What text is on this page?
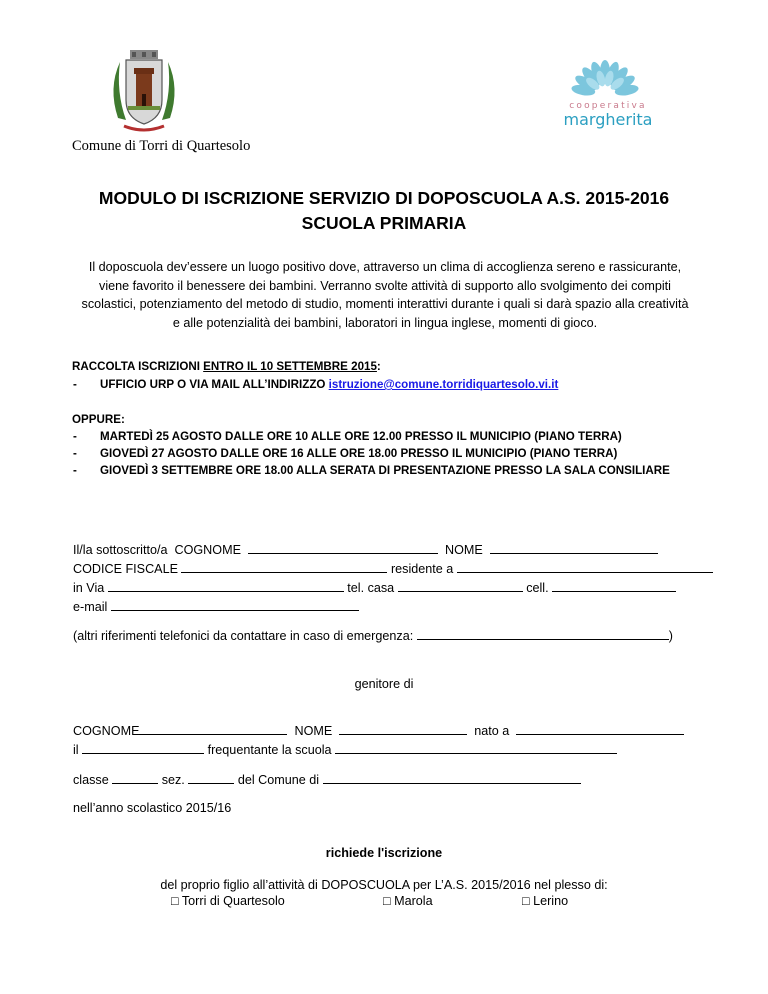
cooperativa
margherita
Comune di Torri di Quartesolo
MODULO DI ISCRIZIONE SERVIZIO DI DOPOSCUOLA A.S. 2015-2016
SCUOLA PRIMARIA
Il doposcuola dev’essere un luogo positivo dove, attraverso un clima di accoglienza sereno e rassicurante, viene favorito il benessere dei bambini. Verranno svolte attività di supporto allo svolgimento dei compiti scolastici, potenziamento del metodo di studio, momenti interattivi durante i quali si darà spazio alla creatività e alle potenzialità dei bambini, laboratori in lingua inglese, momenti di gioco.
RACCOLTA ISCRIZIONI ENTRO IL 10 SETTEMBRE 2015:
- UFFICIO URP O VIA MAIL ALL’INDIRIZZO istruzione@comune.torridiquartesolo.vi.it
OPPURE:
- MARTEDÌ 25 AGOSTO DALLE ORE 10 ALLE ORE 12.00 PRESSO IL MUNICIPIO (PIANO TERRA)
- GIOVEDÌ 27 AGOSTO DALLE ORE 16 ALLE ORE 18.00 PRESSO IL MUNICIPIO (PIANO TERRA)
- GIOVEDÌ 3 SETTEMBRE ORE 18.00 ALLA SERATA DI PRESENTAZIONE PRESSO LA SALA CONSILIARE
Il/la sottoscritto/a COGNOME	NOME
CODICE FISCALE	residente a
in Via	tel. casa	cell.
e-mail
(altri riferimenti telefonici da contattare in caso di emergenza:	)
genitore di
COGNOME	NOME	nato a
il	frequentante la scuola
classe	sez.	del Comune di
nell’anno scolastico 2015/16
richiede l'iscrizione
del proprio figlio all’attività di DOPOSCUOLA per L’A.S. 2015/2016 nel plesso di:
□ Torri di Quartesolo	□ Marola	□ Lerino
